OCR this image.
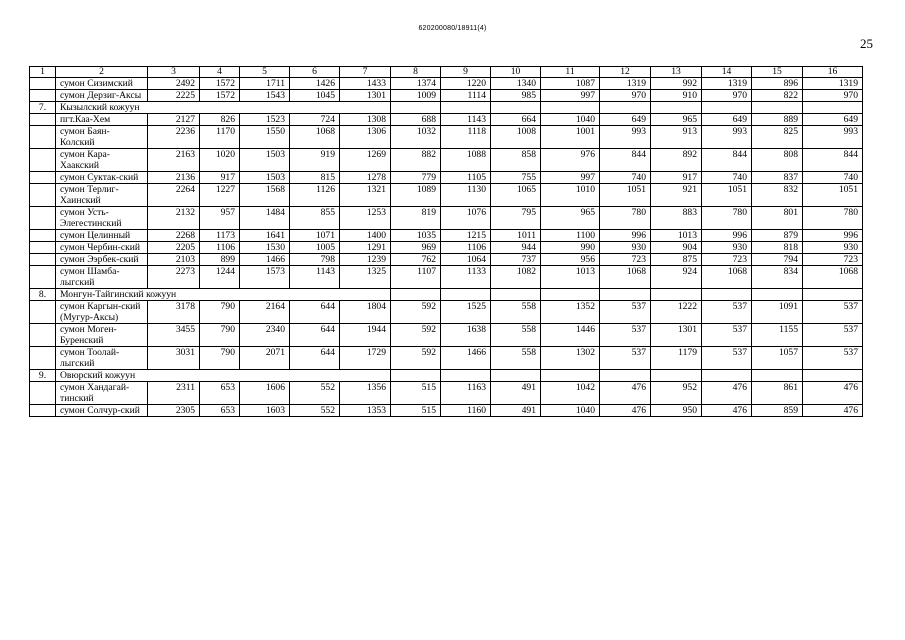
620200080/18911(4)
25
1	2	3	4	5	6	7	8	9	10	11	12	13	14	15	16
	сумон Сизимский	2492	1572	1711	1426	1433	1374	1220	1340	1087	1319	992	1319	896	1319
	сумон Дерзиг-Аксы	2225	1572	1543	1045	1301	1009	1114	985	997	970	910	970	822	970
7.	Кызылский кожуун														
	пгт.Каа-Хем	2127	826	1523	724	1308	688	1143	664	1040	649	965	649	889	649
	сумон Баян-Колский	2236	1170	1550	1068	1306	1032	1118	1008	1001	993	913	993	825	993
	сумон Кара-Хаакский	2163	1020	1503	919	1269	882	1088	858	976	844	892	844	808	844
	сумон Суктак-ский	2136	917	1503	815	1278	779	1105	755	997	740	917	740	837	740
	сумон Терлиг-Хаинский	2264	1227	1568	1126	1321	1089	1130	1065	1010	1051	921	1051	832	1051
	сумон Усть-Элегестинский	2132	957	1484	855	1253	819	1076	795	965	780	883	780	801	780
	сумон Целинный	2268	1173	1641	1071	1400	1035	1215	1011	1100	996	1013	996	879	996
	сумон Чербин-ский	2205	1106	1530	1005	1291	969	1106	944	990	930	904	930	818	930
	сумон Ээрбек-ский	2103	899	1466	798	1239	762	1064	737	956	723	875	723	794	723
	сумон Шамба-лыгский	2273	1244	1573	1143	1325	1107	1133	1082	1013	1068	924	1068	834	1068
8.	Монгун-Тайгинский кожуун														
	сумон Каргын-ский (Мугур-Аксы)	3178	790	2164	644	1804	592	1525	558	1352	537	1222	537	1091	537
	сумон Моген-Буренский	3455	790	2340	644	1944	592	1638	558	1446	537	1301	537	1155	537
	сумон Тоолай-лыгский	3031	790	2071	644	1729	592	1466	558	1302	537	1179	537	1057	537
9.	Овюрский кожуун														
	сумон Хандагай-тинский	2311	653	1606	552	1356	515	1163	491	1042	476	952	476	861	476
	сумон Солчур-ский	2305	653	1603	552	1353	515	1160	491	1040	476	950	476	859	476
